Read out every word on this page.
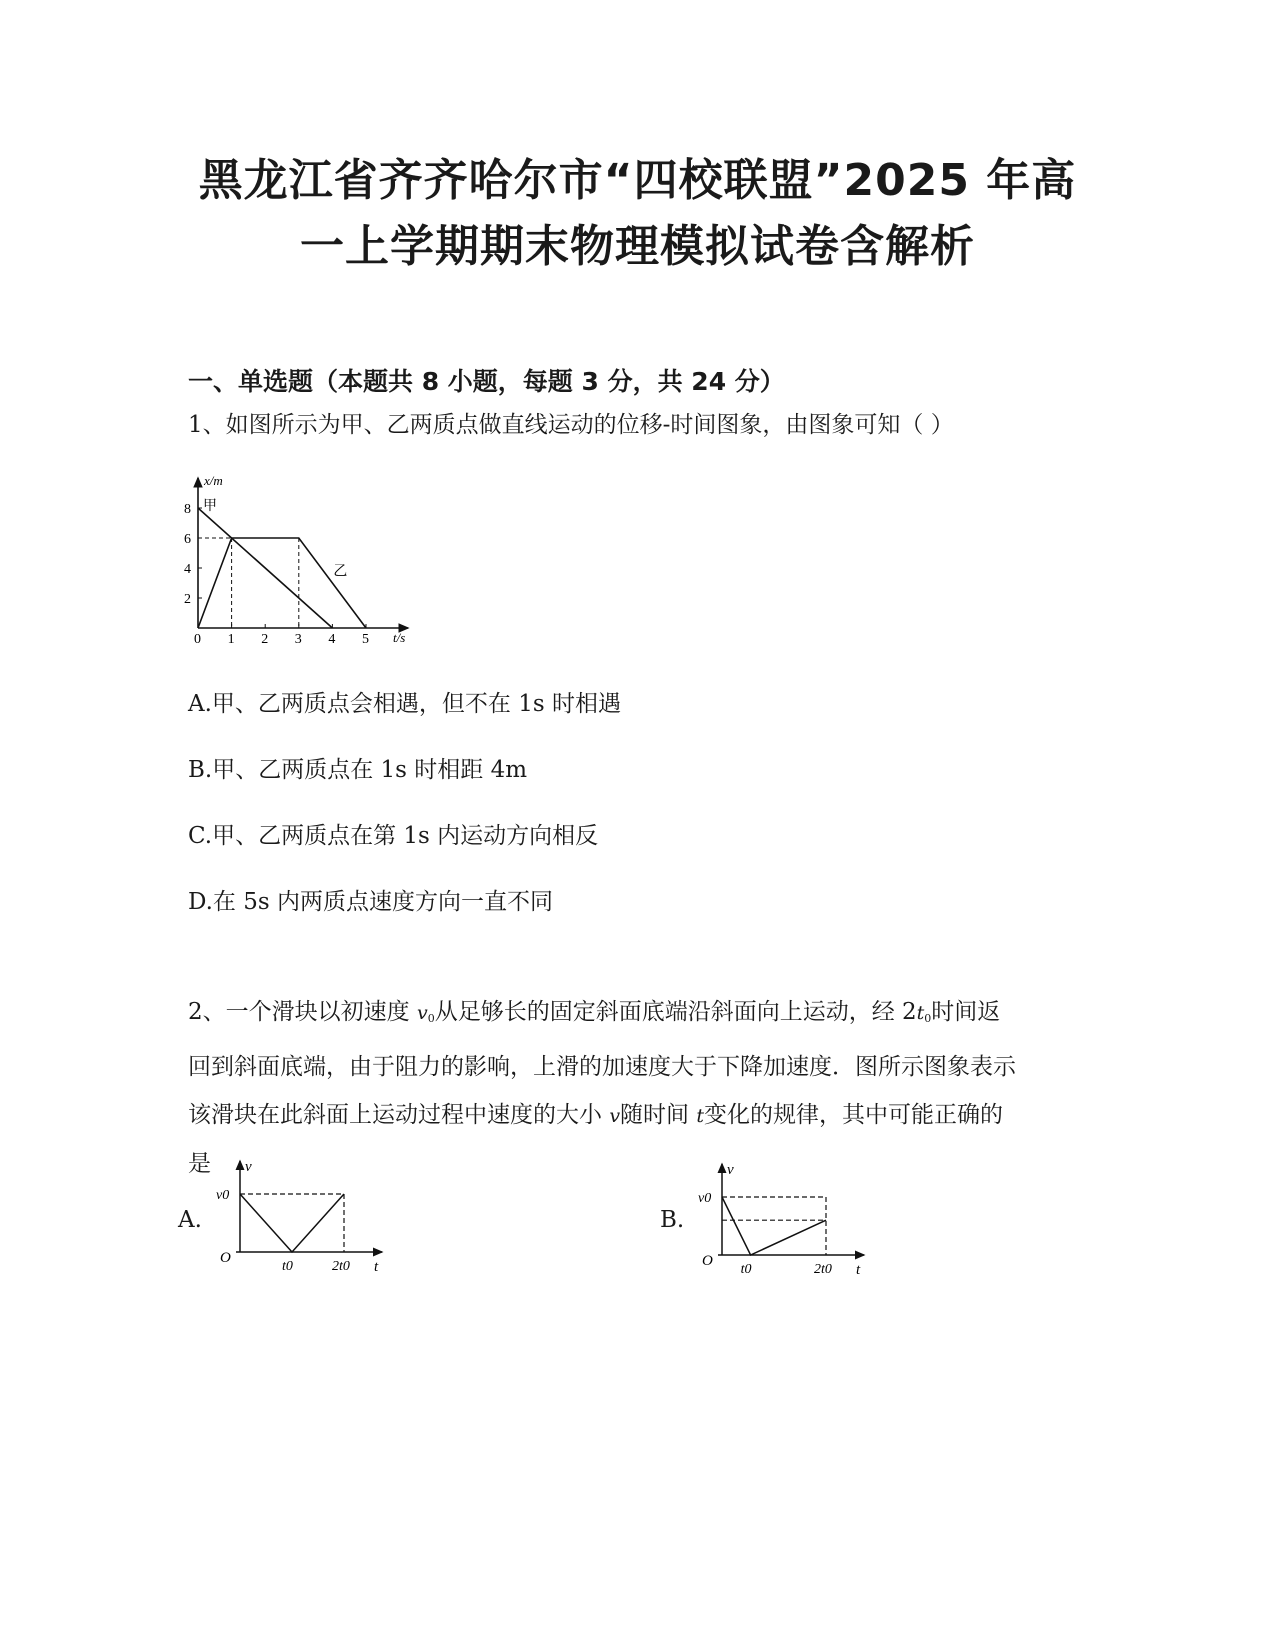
黑龙江省齐齐哈尔市“四校联盟”2025 年高
一上学期期末物理模拟试卷含解析
一、单选题（本题共 8 小题，每题 3 分，共 24 分）
1、如图所示为甲、乙两质点做直线运动的位移-时间图象，由图象可知（ ）
x/m
t/s
0 1 2 3 4 5
2
4
6
8 甲
乙
A.甲、乙两质点会相遇，但不在 1s 时相遇
B.甲、乙两质点在 1s 时相距 4m
C.甲、乙两质点在第 1s 内运动方向相反
D.在 5s 内两质点速度方向一直不同
2、一个滑块以初速度 $v_0$从足够长的固定斜面底端沿斜面向上运动，经 $2t_0$时间返
回到斜面底端，由于阻力的影响，上滑的加速度大于下降加速度．图所示图象表示
该滑块在此斜面上运动过程中速度的大小 v随时间 t变化的规律，其中可能正确的
是
A.
v
t
O
v0
t0	2t0
B.
v
t
O
v0
t0	2t0
